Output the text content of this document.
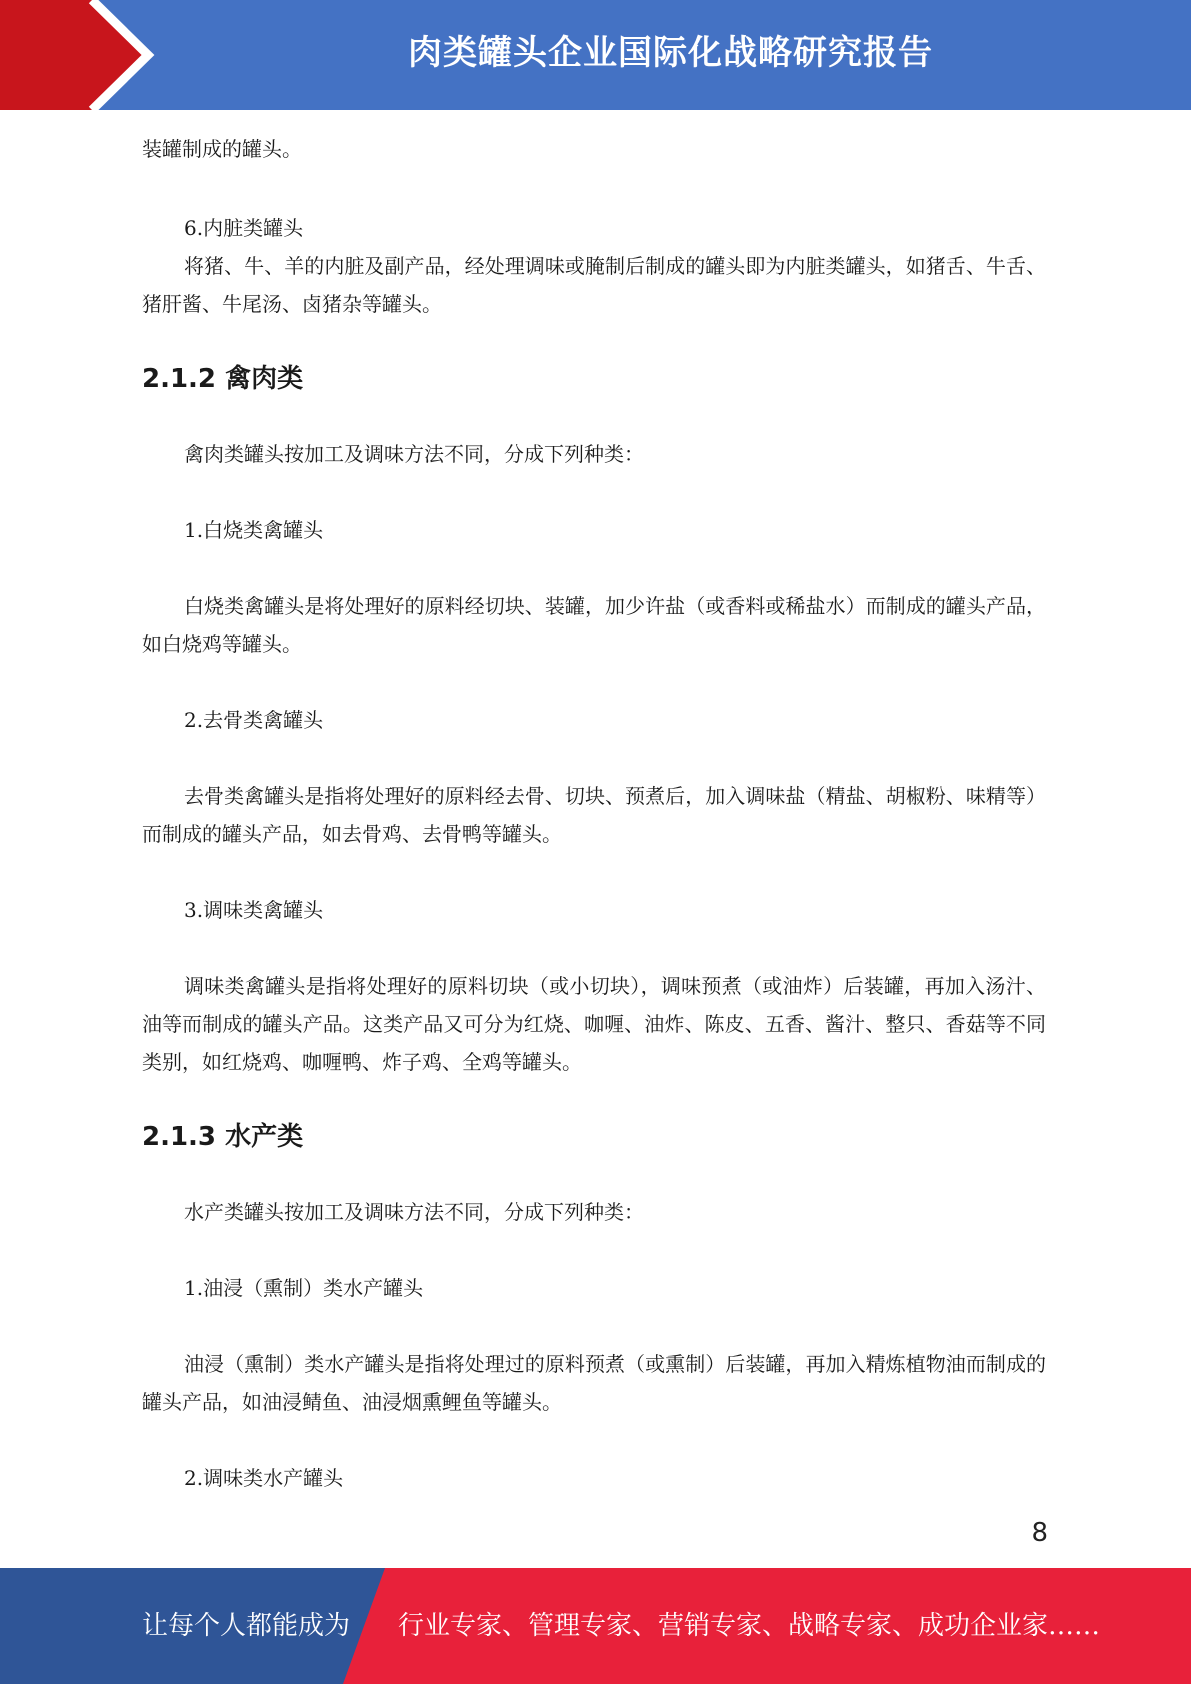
肉类罐头企业国际化战略研究报告

装罐制成的罐头。

6.内脏类罐头

将猪、牛、羊的内脏及副产品，经处理调味或腌制后制成的罐头即为内脏类罐头，如猪舌、牛舌、猪肝酱、牛尾汤、卤猪杂等罐头。

2.1.2 禽肉类

禽肉类罐头按加工及调味方法不同，分成下列种类：

1.白烧类禽罐头

白烧类禽罐头是将处理好的原料经切块、装罐，加少许盐（或香料或稀盐水）而制成的罐头产品，如白烧鸡等罐头。

2.去骨类禽罐头

去骨类禽罐头是指将处理好的原料经去骨、切块、预煮后，加入调味盐（精盐、胡椒粉、味精等）而制成的罐头产品，如去骨鸡、去骨鸭等罐头。

3.调味类禽罐头

调味类禽罐头是指将处理好的原料切块（或小切块），调味预煮（或油炸）后装罐，再加入汤汁、油等而制成的罐头产品。这类产品又可分为红烧、咖喱、油炸、陈皮、五香、酱汁、整只、香菇等不同类别，如红烧鸡、咖喱鸭、炸子鸡、全鸡等罐头。

2.1.3 水产类

水产类罐头按加工及调味方法不同，分成下列种类：

1.油浸（熏制）类水产罐头

油浸（熏制）类水产罐头是指将处理过的原料预煮（或熏制）后装罐，再加入精炼植物油而制成的罐头产品，如油浸鲭鱼、油浸烟熏鲤鱼等罐头。

2.调味类水产罐头

8
让每个人都能成为 行业专家、管理专家、营销专家、战略专家、成功企业家……
